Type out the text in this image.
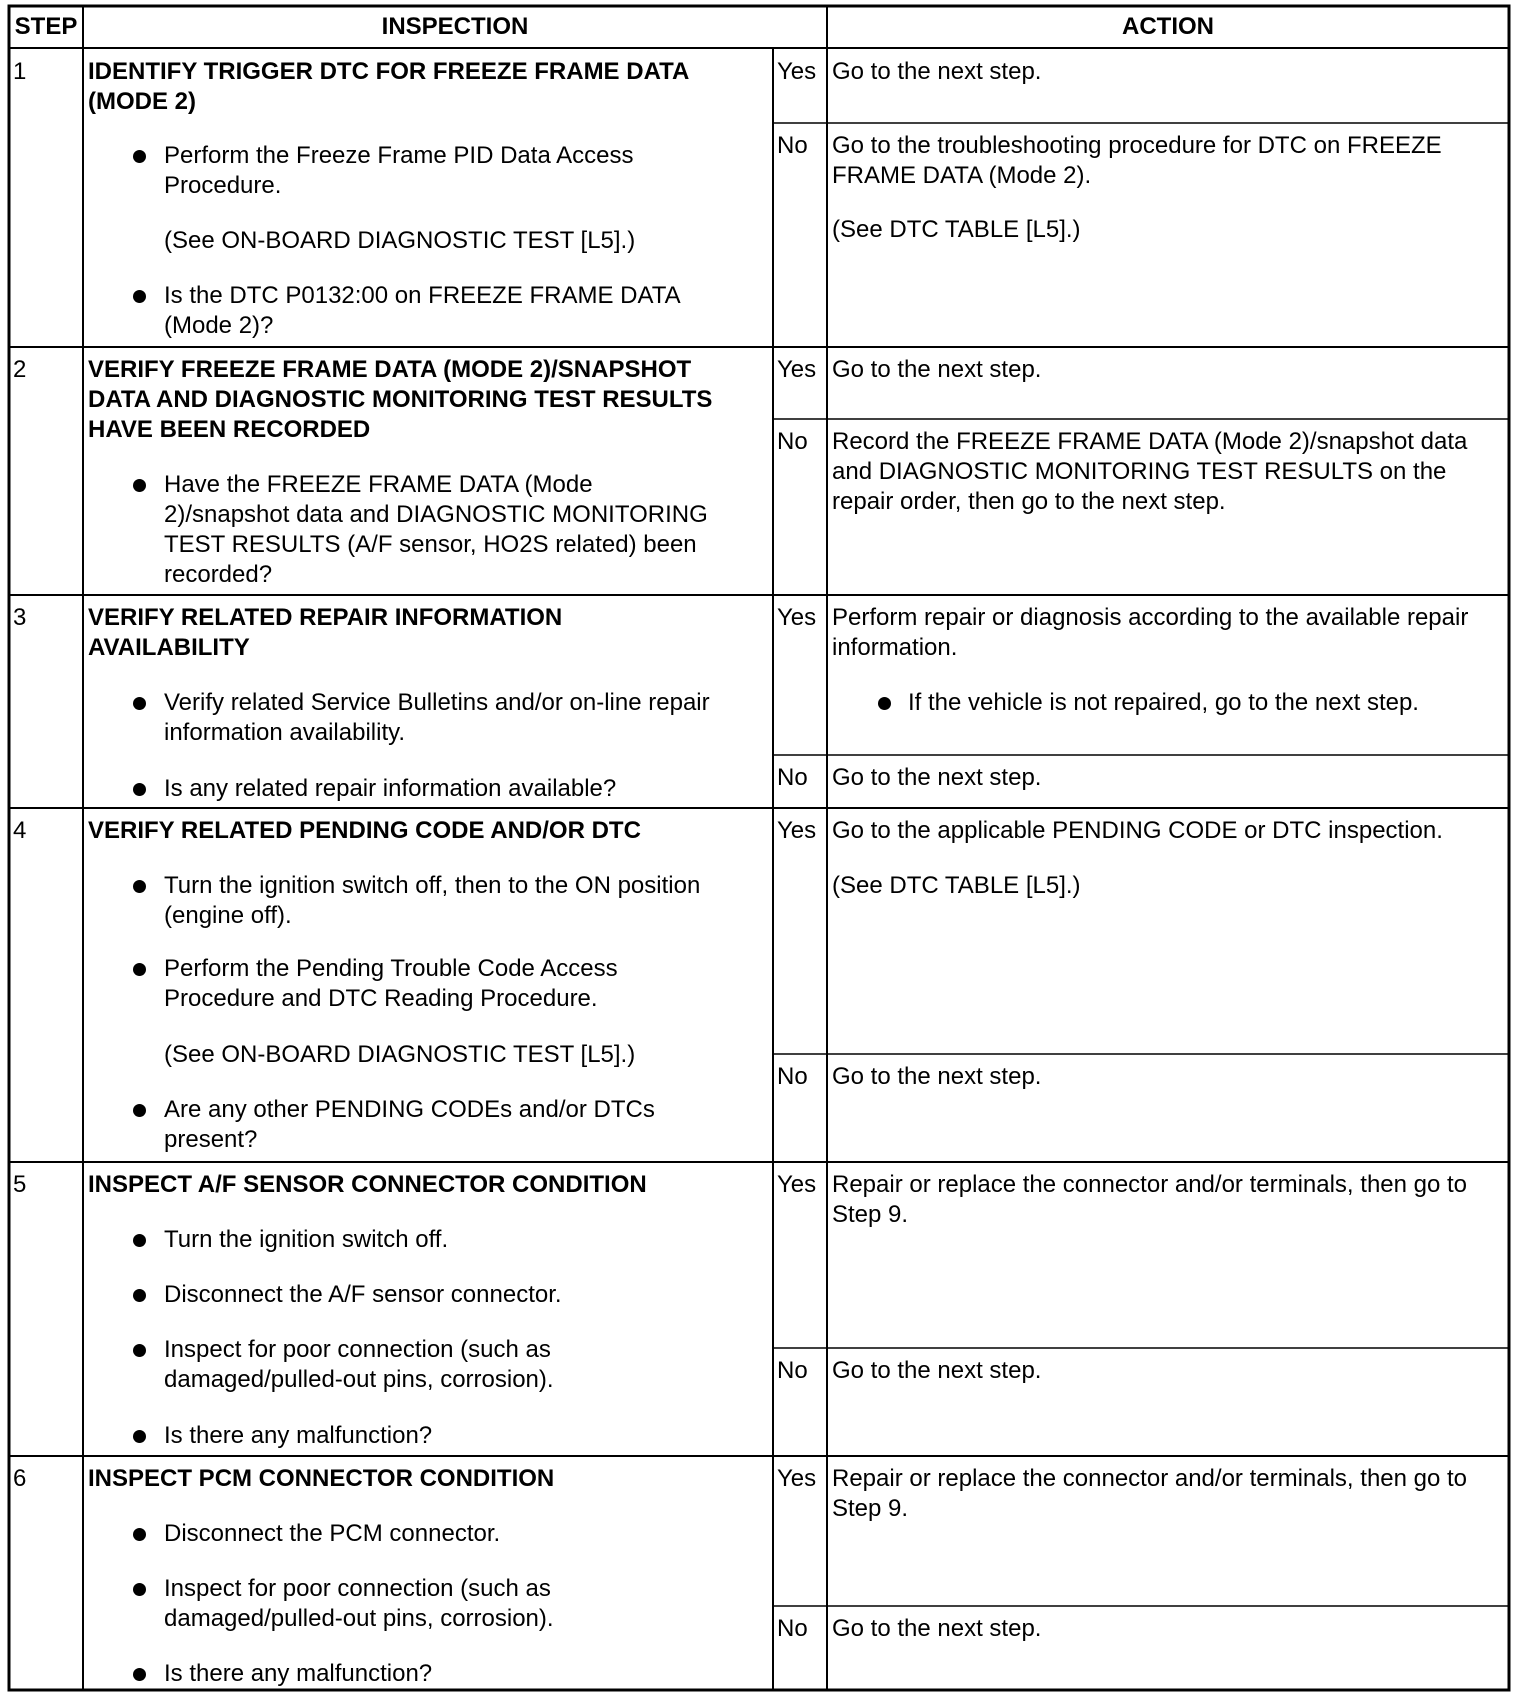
STEP	INSPECTION	ACTION
1	IDENTIFY TRIGGER DTC FOR FREEZE FRAME DATA
(MODE 2)
Perform the Freeze Frame PID Data Access
Procedure.
(See ON-BOARD DIAGNOSTIC TEST [L5].)
Is the DTC P0132:00 on FREEZE FRAME DATA
(Mode 2)?
Yes Go to the next step.
No Go to the troubleshooting procedure for DTC on FREEZE
FRAME DATA (Mode 2).
(See DTC TABLE [L5].)
2	VERIFY FREEZE FRAME DATA (MODE 2)/SNAPSHOT
DATA AND DIAGNOSTIC MONITORING TEST RESULTS
HAVE BEEN RECORDED
Have the FREEZE FRAME DATA (Mode
2)/snapshot data and DIAGNOSTIC MONITORING
TEST RESULTS (A/F sensor, HO2S related) been
recorded?
Yes Go to the next step.
No Record the FREEZE FRAME DATA (Mode 2)/snapshot data
and DIAGNOSTIC MONITORING TEST RESULTS on the
repair order, then go to the next step.
3	VERIFY RELATED REPAIR INFORMATION
AVAILABILITY
Verify related Service Bulletins and/or on-line repair
information availability.
Is any related repair information available?
Yes Perform repair or diagnosis according to the available repair
information.
If the vehicle is not repaired, go to the next step.
No Go to the next step.
4	VERIFY RELATED PENDING CODE AND/OR DTC
Turn the ignition switch off, then to the ON position
(engine off).
Perform the Pending Trouble Code Access
Procedure and DTC Reading Procedure.
(See ON-BOARD DIAGNOSTIC TEST [L5].)
Are any other PENDING CODEs and/or DTCs
present?
Yes Go to the applicable PENDING CODE or DTC inspection.
(See DTC TABLE [L5].)
No Go to the next step.
5	INSPECT A/F SENSOR CONNECTOR CONDITION
Turn the ignition switch off.
Disconnect the A/F sensor connector.
Inspect for poor connection (such as
damaged/pulled-out pins, corrosion).
Is there any malfunction?
Yes Repair or replace the connector and/or terminals, then go to
Step 9.
No Go to the next step.
6	INSPECT PCM CONNECTOR CONDITION
Disconnect the PCM connector.
Inspect for poor connection (such as
damaged/pulled-out pins, corrosion).
Is there any malfunction?
Yes Repair or replace the connector and/or terminals, then go to
Step 9.
No Go to the next step.
